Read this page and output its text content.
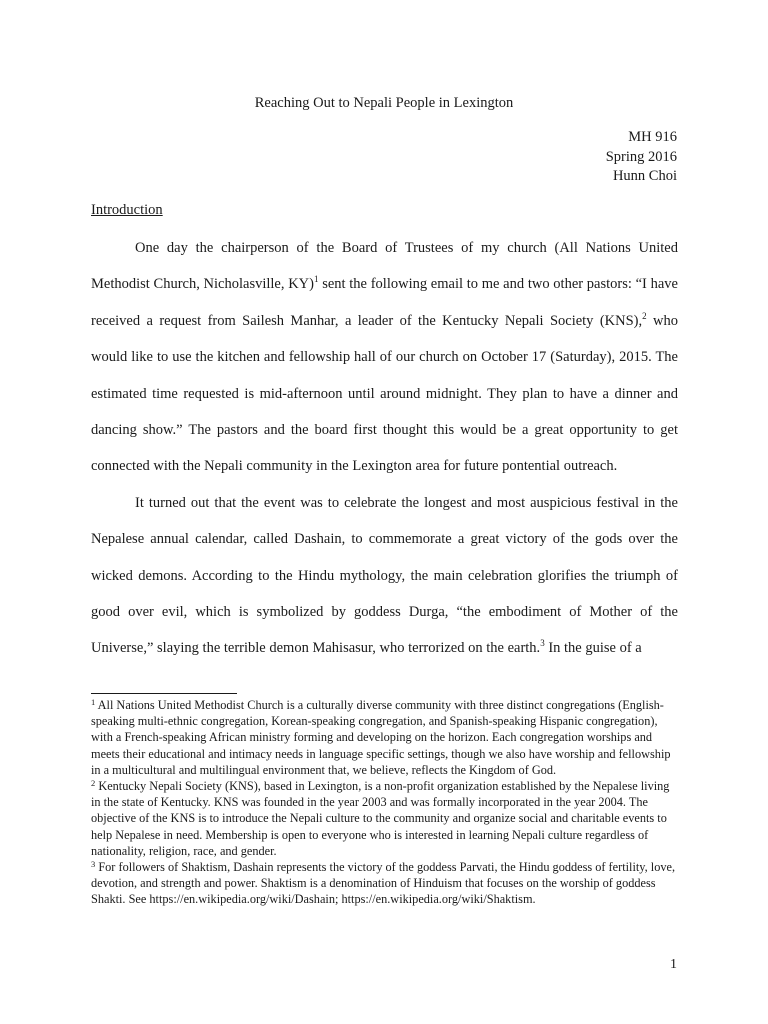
Reaching Out to Nepali People in Lexington
MH 916
Spring 2016
Hunn Choi
Introduction

One day the chairperson of the Board of Trustees of my church (All Nations United Methodist Church, Nicholasville, KY)$^1$ sent the following email to me and two other pastors: “I have received a request from Sailesh Manhar, a leader of the Kentucky Nepali Society (KNS),$^2$ who would like to use the kitchen and fellowship hall of our church on October 17 (Saturday), 2015. The estimated time requested is mid-afternoon until around midnight. They plan to have a dinner and dancing show.” The pastors and the board first thought this would be a great opportunity to get connected with the Nepali community in the Lexington area for future pontential outreach.

It turned out that the event was to celebrate the longest and most auspicious festival in the Nepalese annual calendar, called Dashain, to commemorate a great victory of the gods over the wicked demons. According to the Hindu mythology, the main celebration glorifies the triumph of good over evil, which is symbolized by goddess Durga, “the embodiment of Mother of the Universe,” slaying the terrible demon Mahisasur, who terrorized on the earth.$^3$ In the guise of a

$^1$ All Nations United Methodist Church is a culturally diverse community with three distinct congregations (English-speaking multi-ethnic congregation, Korean-speaking congregation, and Spanish-speaking Hispanic congregation), with a French-speaking African ministry forming and developing on the horizon. Each congregation worships and meets their educational and intimacy needs in language specific settings, though we also have worship and fellowship in a multicultural and multilingual environment that, we believe, reflects the Kingdom of God.

$^2$ Kentucky Nepali Society (KNS), based in Lexington, is a non-profit organization established by the Nepalese living in the state of Kentucky. KNS was founded in the year 2003 and was formally incorporated in the year 2004. The objective of the KNS is to introduce the Nepali culture to the community and organize social and charitable events to help Nepalese in need. Membership is open to everyone who is interested in learning Nepali culture regardless of nationality, religion, race, and gender.

$^3$ For followers of Shaktism, Dashain represents the victory of the goddess Parvati, the Hindu goddess of fertility, love, devotion, and strength and power. Shaktism is a denomination of Hinduism that focuses on the worship of goddess Shakti. See https://en.wikipedia.org/wiki/Dashain; https://en.wikipedia.org/wiki/Shaktism.

1
